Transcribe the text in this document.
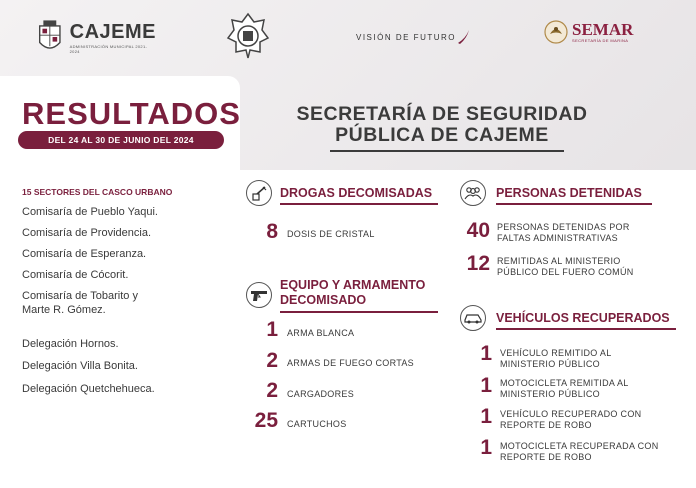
CAJEME
ADMINISTRACIÓN MUNICIPAL 2021-2024
VISIÓN DE FUTURO	SEMAR
SECRETARÍA DE MARINA
RESULTADOS
DEL 24 AL 30 DE JUNIO DEL 2024
SECRETARÍA DE SEGURIDAD
PÚBLICA DE CAJEME
15 SECTORES DEL CASCO URBANO
Comisaría de Pueblo Yaqui.
Comisaría de Providencia.
Comisaría de Esperanza.
Comisaría de Cócorit.
Comisaría de Tobarito y
Marte R. Gómez.
Delegación Hornos.
Delegación Villa Bonita.
Delegación Quetchehueca.
DROGAS DECOMISADAS
8 DOSIS DE CRISTAL
EQUIPO Y ARMAMENTO
DECOMISADO
1 ARMA BLANCA
2 ARMAS DE FUEGO CORTAS
2 CARGADORES
25 CARTUCHOS
PERSONAS DETENIDAS
40 PERSONAS DETENIDAS POR
FALTAS ADMINISTRATIVAS
12 REMITIDAS AL MINISTERIO
PÚBLICO DEL FUERO COMÚN
VEHÍCULOS RECUPERADOS
1 VEHÍCULO REMITIDO AL
MINISTERIO PÚBLICO
1 MOTOCICLETA REMITIDA AL
MINISTERIO PÚBLICO
1 VEHÍCULO RECUPERADO CON
REPORTE DE ROBO
1 MOTOCICLETA RECUPERADA CON
REPORTE DE ROBO
